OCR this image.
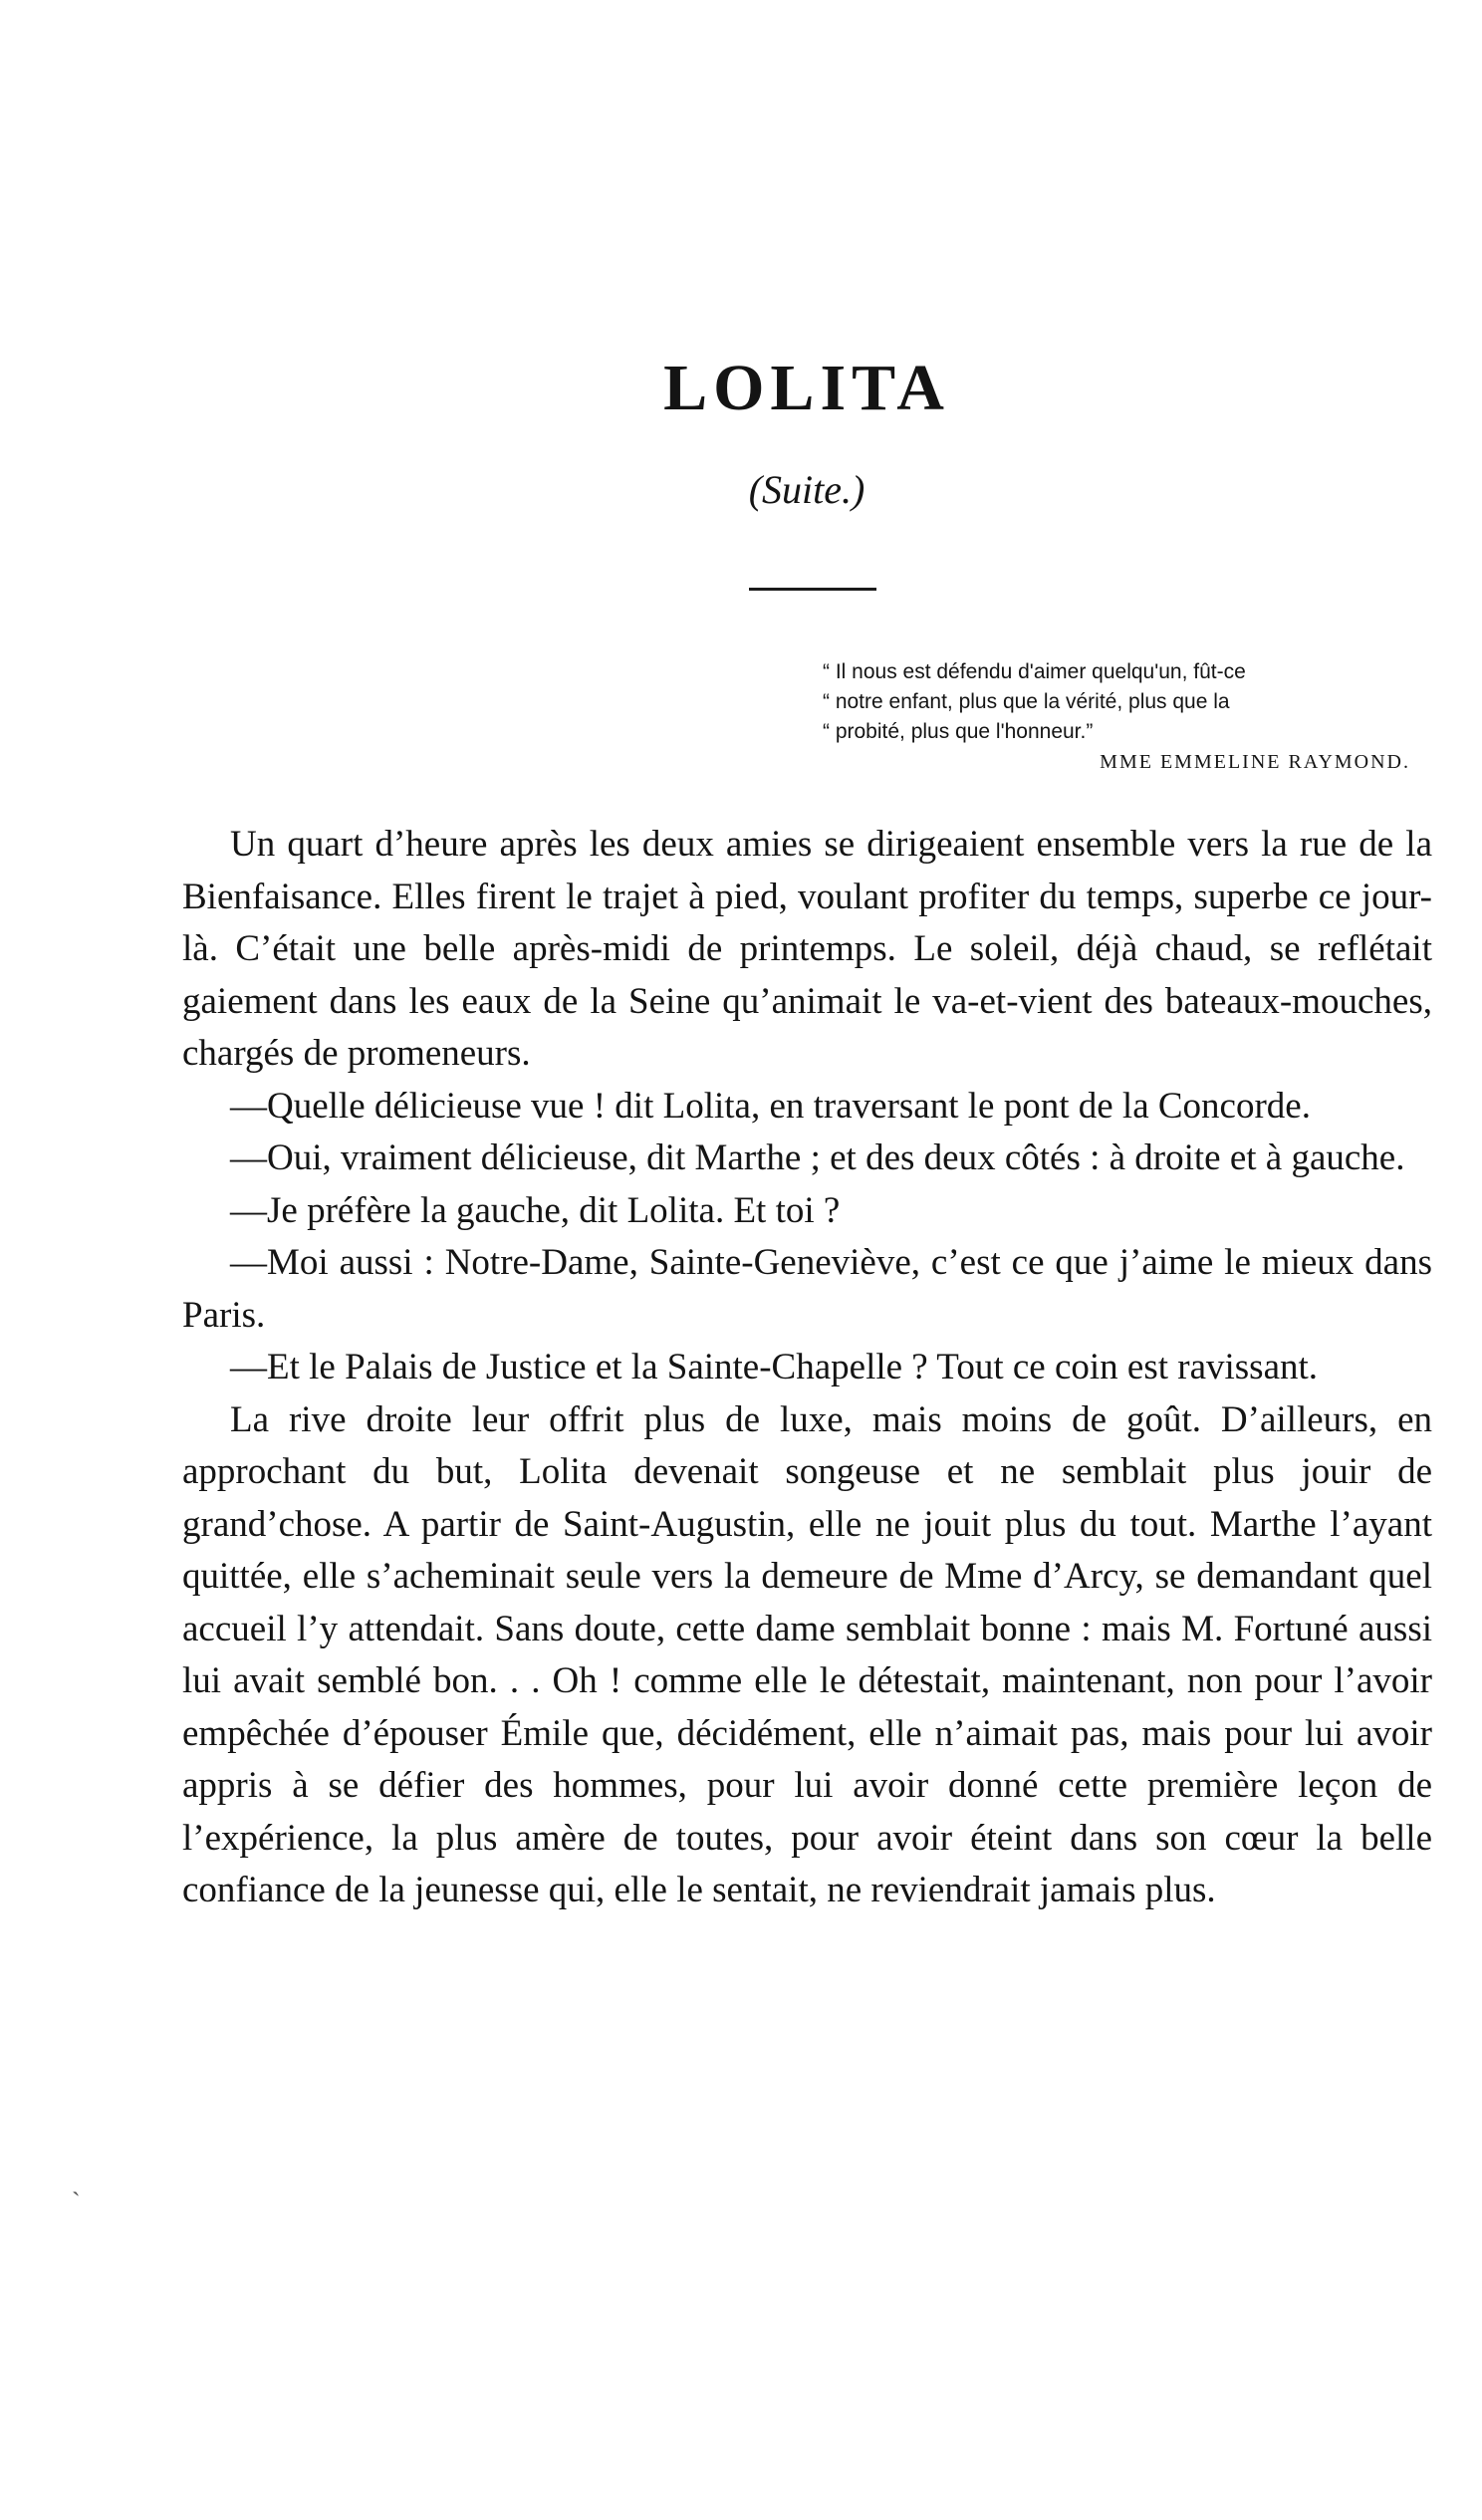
LOLITA
(Suite.)
“ Il nous est défendu d'aimer quelqu'un, fût-ce
“ notre enfant, plus que la vérité, plus que la
“ probité, plus que l'honneur.”
MME EMMELINE RAYMOND.

Un quart d’heure après les deux amies se dirigeaient ensemble vers la rue de la Bienfaisance. Elles firent le trajet à pied, voulant profiter du temps, superbe ce jour-là. C’était une belle après-midi de printemps. Le soleil, déjà chaud, se reflétait gaiement dans les eaux de la Seine qu’animait le va-et-vient des bateaux-mouches, chargés de promeneurs.

—Quelle délicieuse vue ! dit Lolita, en traversant le pont de la Concorde.

—Oui, vraiment délicieuse, dit Marthe ; et des deux côtés : à droite et à gauche.

—Je préfère la gauche, dit Lolita. Et toi ?

—Moi aussi : Notre-Dame, Sainte-Geneviève, c’est ce que j’aime le mieux dans Paris.

—Et le Palais de Justice et la Sainte-Chapelle ? Tout ce coin est ravissant.

La rive droite leur offrit plus de luxe, mais moins de goût. D’ailleurs, en approchant du but, Lolita devenait songeuse et ne semblait plus jouir de grand’chose. A partir de Saint-Augustin, elle ne jouit plus du tout. Marthe l’ayant quittée, elle s’acheminait seule vers la demeure de Mme d’Arcy, se demandant quel accueil l’y attendait. Sans doute, cette dame semblait bonne : mais M. Fortuné aussi lui avait semblé bon. . . Oh ! comme elle le détestait, maintenant, non pour l’avoir empêchée d’épouser Émile que, décidément, elle n’aimait pas, mais pour lui avoir appris à se défier des hommes, pour lui avoir donné cette première leçon de l’expérience, la plus amère de toutes, pour avoir éteint dans son cœur la belle confiance de la jeunesse qui, elle le sentait, ne reviendrait jamais plus.

ˋ
